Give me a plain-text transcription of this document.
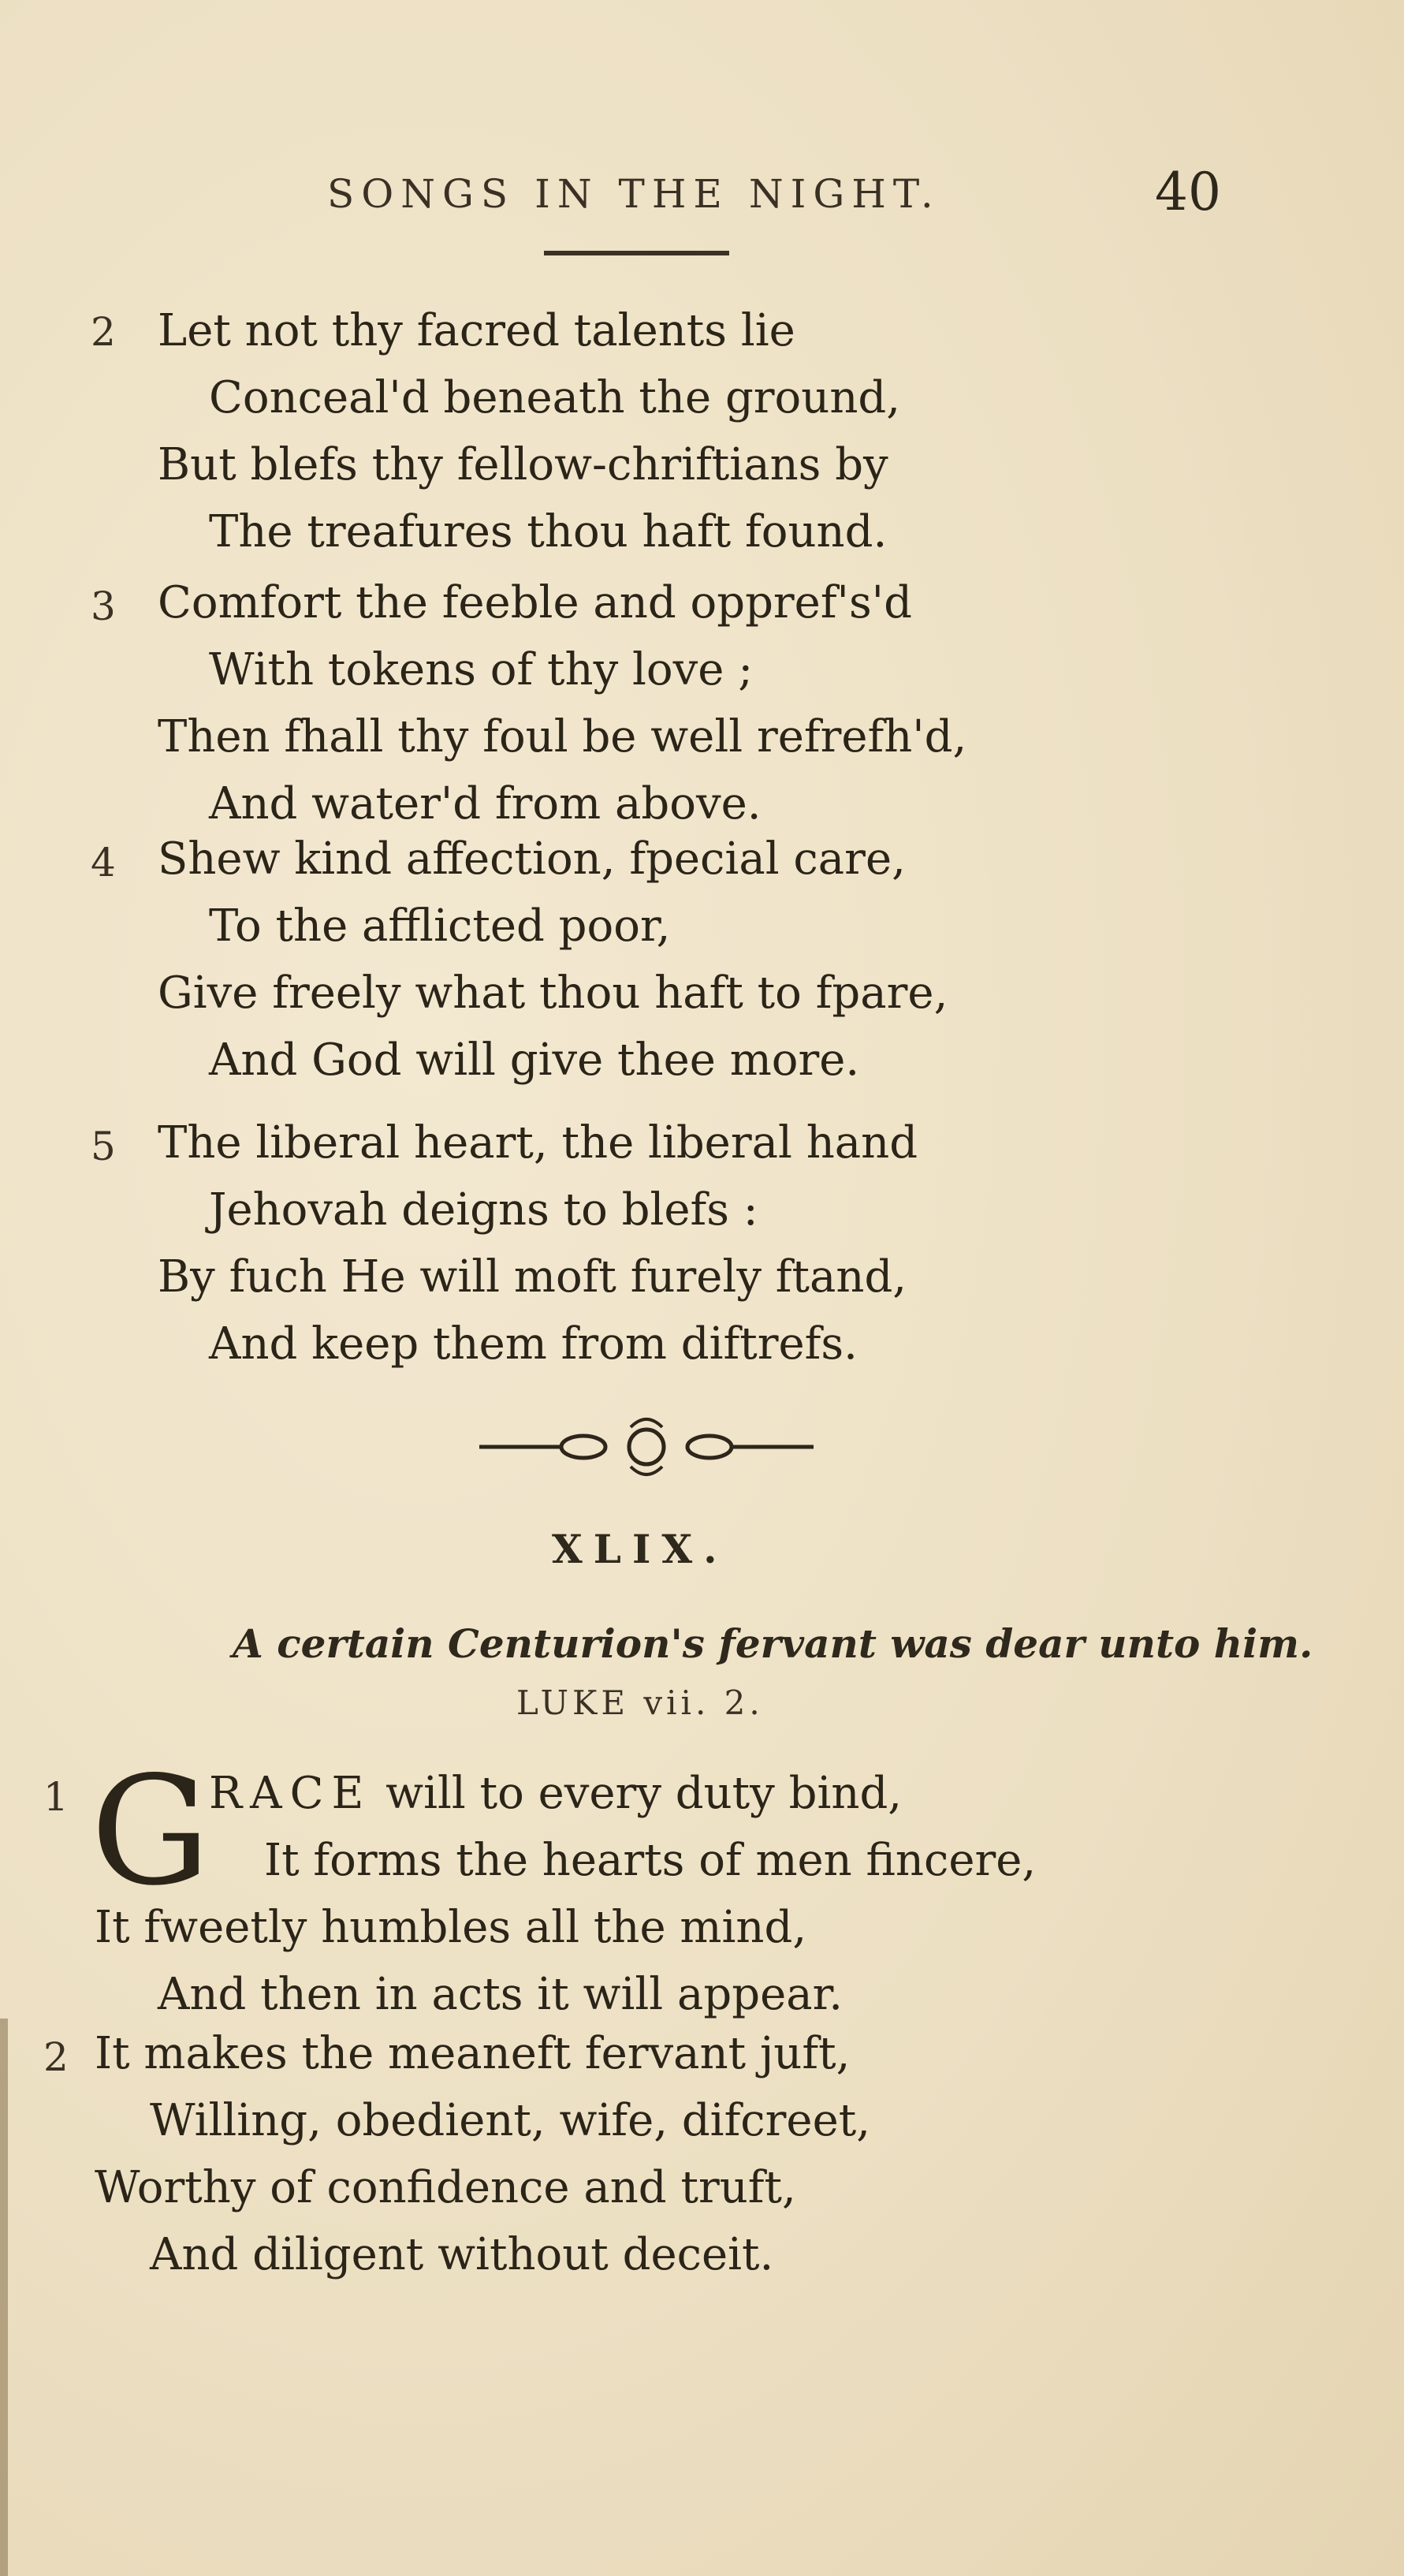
SONGS IN THE NIGHT.	40
2 Let not thy facred talents lie
Conceal'd beneath the ground,
But blefs thy fellow-chriftians by
The treafures thou haft found.
3 Comfort the feeble and oppref's'd
With tokens of thy love ;
Then fhall thy foul be well refrefh'd,
And water'd from above.
4 Shew kind affection, fpecial care,
To the afflicted poor,
Give freely what thou haft to fpare,
And God will give thee more.
5 The liberal heart, the liberal hand
Jehovah deigns to blefs :
By fuch He will moft furely ftand,
And keep them from diftrefs.
XLIX.
A certain Centurion's fervant was dear unto him.
LUKE vii. 2.
1 G
RACE will to every duty bind,
It forms the hearts of men fincere,
It fweetly humbles all the mind,
And then in acts it will appear.
2 It makes the meaneft fervant juft,
Willing, obedient, wife, difcreet,
Worthy of confidence and truft,
And diligent without deceit.
